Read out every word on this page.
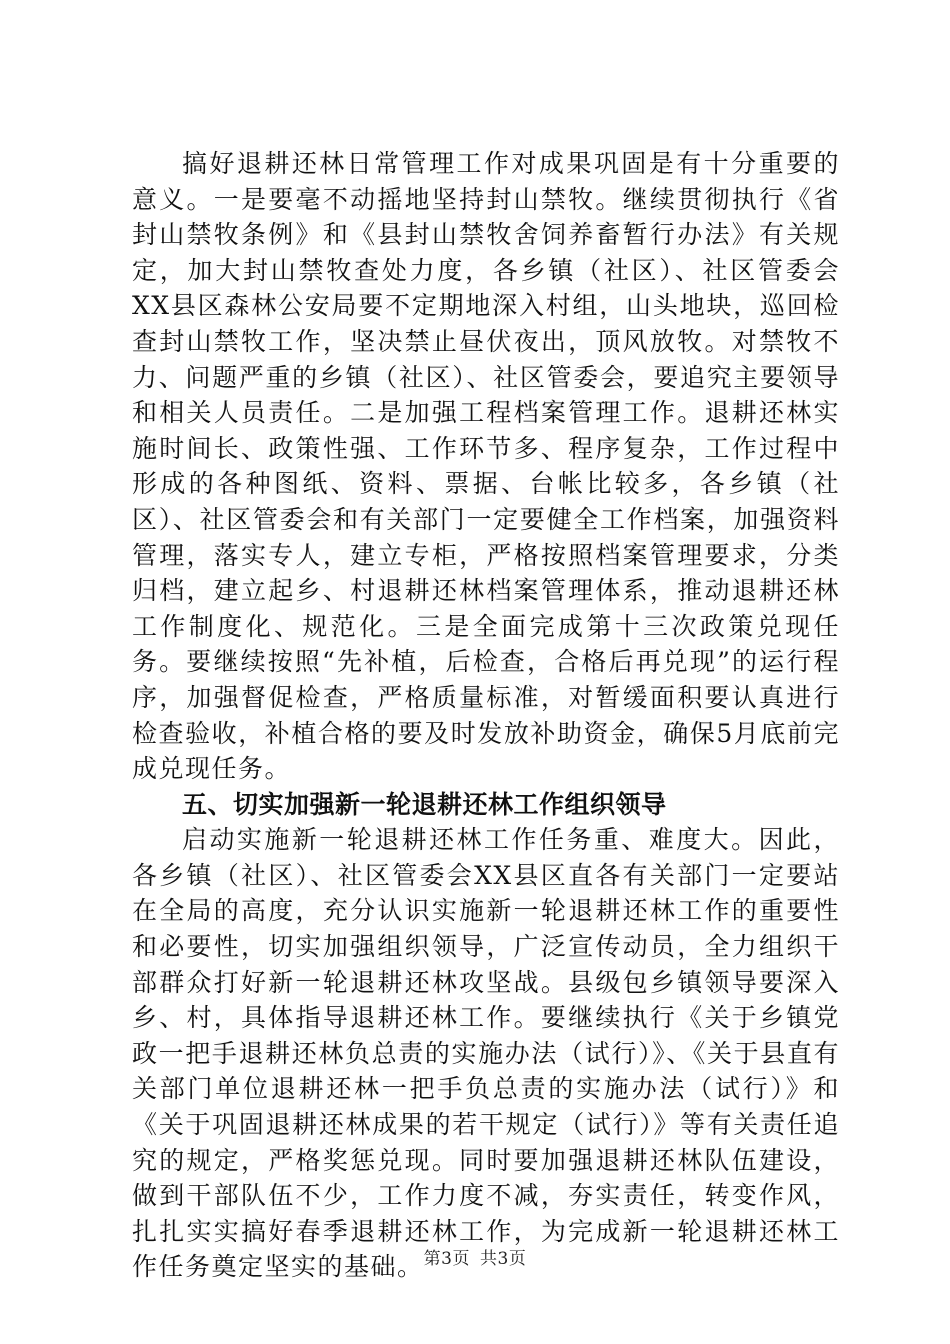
搞好退耕还林日常管理工作对成果巩固是有十分重要的意义。一是要毫不动摇地坚持封山禁牧。继续贯彻执行《省封山禁牧条例》和《县封山禁牧舍饲养畜暂行办法》有关规定，加大封山禁牧查处力度，各乡镇（社区）、社区管委会XX县区森林公安局要不定期地深入村组，山头地块，巡回检查封山禁牧工作，坚决禁止昼伏夜出，顶风放牧。对禁牧不力、问题严重的乡镇（社区）、社区管委会，要追究主要领导和相关人员责任。二是加强工程档案管理工作。退耕还林实施时间长、政策性强、工作环节多、程序复杂，工作过程中形成的各种图纸、资料、票据、台帐比较多，各乡镇（社区）、社区管委会和有关部门一定要健全工作档案，加强资料管理，落实专人，建立专柜，严格按照档案管理要求，分类归档，建立起乡、村退耕还林档案管理体系，推动退耕还林工作制度化、规范化。三是全面完成第十三次政策兑现任务。要继续按照“先补植，后检查，合格后再兑现”的运行程序，加强督促检查，严格质量标准，对暂缓面积要认真进行检查验收，补植合格的要及时发放补助资金，确保5月底前完成兑现任务。

五、切实加强新一轮退耕还林工作组织领导

启动实施新一轮退耕还林工作任务重、难度大。因此，各乡镇（社区）、社区管委会XX县区直各有关部门一定要站在全局的高度，充分认识实施新一轮退耕还林工作的重要性和必要性，切实加强组织领导，广泛宣传动员，全力组织干部群众打好新一轮退耕还林攻坚战。县级包乡镇领导要深入乡、村，具体指导退耕还林工作。要继续执行《关于乡镇党政一把手退耕还林负总责的实施办法（试行）》、《关于县直有关部门单位退耕还林一把手负总责的实施办法（试行）》和《关于巩固退耕还林成果的若干规定（试行）》等有关责任追究的规定，严格奖惩兑现。同时要加强退耕还林队伍建设，做到干部队伍不少，工作力度不减，夯实责任，转变作风，扎扎实实搞好春季退耕还林工作，为完成新一轮退耕还林工作任务奠定坚实的基础。 第3页 共3页
